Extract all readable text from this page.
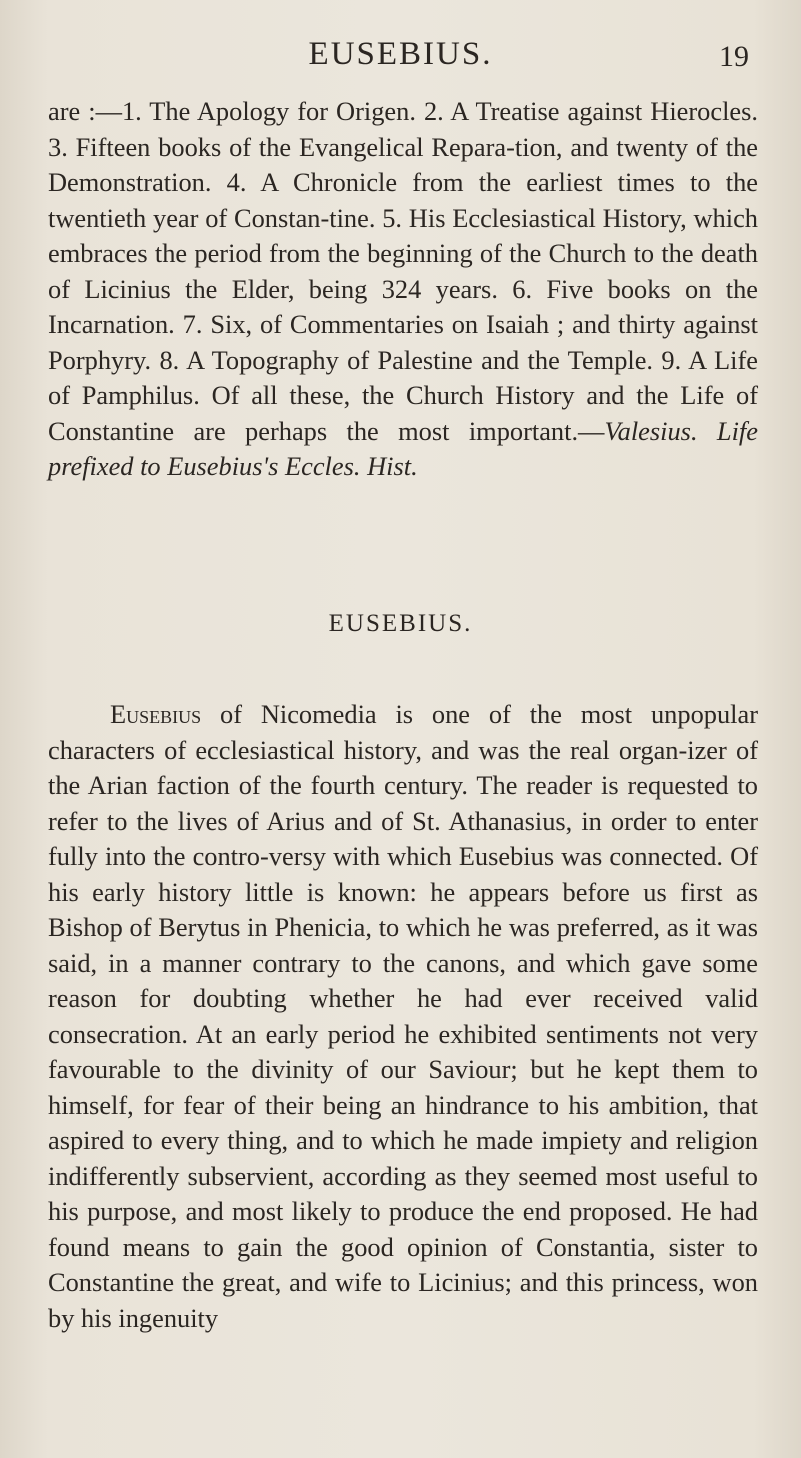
EUSEBIUS.	19
are :—1. The Apology for Origen. 2. A Treatise against Hierocles. 3. Fifteen books of the Evangelical Repara-tion, and twenty of the Demonstration. 4. A Chronicle from the earliest times to the twentieth year of Constan-tine. 5. His Ecclesiastical History, which embraces the period from the beginning of the Church to the death of Licinius the Elder, being 324 years. 6. Five books on the Incarnation. 7. Six, of Commentaries on Isaiah ; and thirty against Porphyry. 8. A Topography of Palestine and the Temple. 9. A Life of Pamphilus. Of all these, the Church History and the Life of Constantine are perhaps the most important.—Valesius. Life prefixed to Eusebius's Eccles. Hist.
EUSEBIUS.
Eusebius of Nicomedia is one of the most unpopular characters of ecclesiastical history, and was the real organ-izer of the Arian faction of the fourth century. The reader is requested to refer to the lives of Arius and of St. Athanasius, in order to enter fully into the contro-versy with which Eusebius was connected. Of his early history little is known: he appears before us first as Bishop of Berytus in Phenicia, to which he was preferred, as it was said, in a manner contrary to the canons, and which gave some reason for doubting whether he had ever received valid consecration. At an early period he exhibited sentiments not very favourable to the divinity of our Saviour; but he kept them to himself, for fear of their being an hindrance to his ambition, that aspired to every thing, and to which he made impiety and religion indifferently subservient, according as they seemed most useful to his purpose, and most likely to produce the end proposed. He had found means to gain the good opinion of Constantia, sister to Constantine the great, and wife to Licinius; and this princess, won by his ingenuity
